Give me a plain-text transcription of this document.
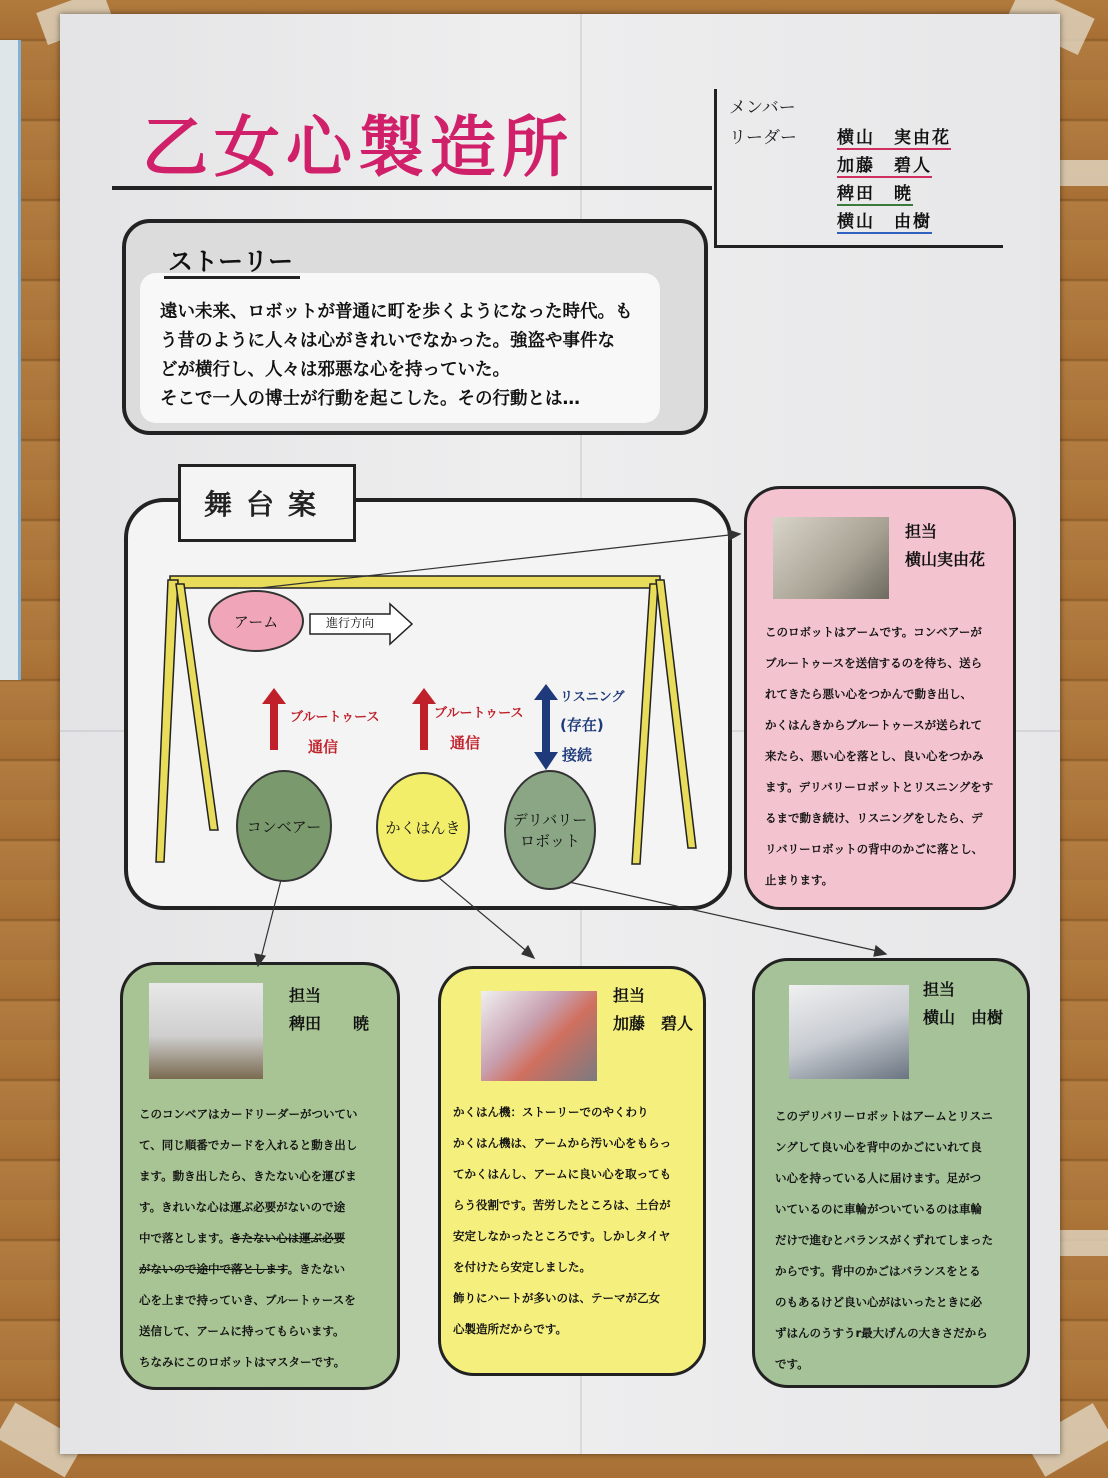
乙女心製造所
メンバー
リーダー 横山　実由花
加藤　碧人
稗田　暁
横山　由樹
ストーリー
遠い未来、ロボットが普通に町を歩くようになった時代。も
う昔のように人々は心がきれいでなかった。強盗や事件な
どが横行し、人々は邪悪な心を持っていた。
そこで一人の博士が行動を起こした。その行動とは…
舞台案
担当
横山実由花
このロボットはアームです。コンベアーが
ブルートゥースを送信するのを待ち、送ら
れてきたら悪い心をつかんで動き出し、
かくはんきからブルートゥースが送られて
来たら、悪い心を落とし、良い心をつかみ
ます。デリバリーロボットとリスニングをす
るまで動き続け、リスニングをしたら、デ
リバリーロボットの背中のかごに落とし、
止まります。
担当
稗田　　暁
このコンベアはカードリーダーがついてい
て、同じ順番でカードを入れると動き出し
ます。動き出したら、きたない心を運びま
す。きれいな心は運ぶ必要がないので途
中で落とします。きたない心は運ぶ必要
がないので途中で落とします。きたない
心を上まで持っていき、ブルートゥースを
送信して、アームに持ってもらいます。
ちなみにこのロボットはマスターです。
担当
加藤　碧人
かくはん機：ストーリーでのやくわり
かくはん機は、アームから汚い心をもらっ
てかくはんし、アームに良い心を取っても
らう役割です。苦労したところは、土台が
安定しなかったところです。しかしタイヤ
を付けたら安定しました。
飾りにハートが多いのは、テーマが乙女
心製造所だからです。
担当
横山　由樹
このデリバリーロボットはアームとリスニ
ングして良い心を背中のかごにいれて良
い心を持っている人に届けます。足がつ
いているのに車輪がついているのは車輪
だけで進むとバランスがくずれてしまった
からです。背中のかごはバランスをとる
のもあるけど良い心がはいったときに必
ずはんのうすうr最大げんの大きさだから
です。
アーム	進行方向
ブルートゥース
通信
ブルートゥース
通信
リスニング
(存在)
接続
コンベアー	かくはんき	デリバリー
ロボット
